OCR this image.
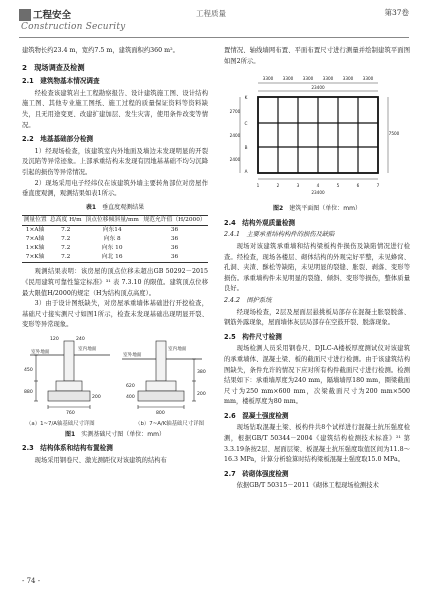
工程安全
Construction Security
工程质量	第37卷

建筑物长约23.4 m，宽约7.5 m，建筑面积约360 m²。

2　现场调查及检测
2.1　建筑物基本情况调查

经检查该建筑岩土工程勘察报告、设计建筑施工图、设计结构施工图、其他专业施工图纸、施工过程的质量保证资料等资料缺失，且无用途变更、改建扩建加层、发生灾害，使用条件改变等情况。

2.2　地基基础部分检测

1）经现场检查，该建筑室内外地面及墙边未发现明显的开裂及沉陷等异常迹象。上部承重结构未发现有因地基基础不均匀沉降引起的损伤等异常情况。

2）现场采用电子经纬仪在该建筑外墙主要转角部位对房屋作垂直度观测，观测结果如表1所示。

表1　 垂直度观测结果
测量位置	总高度 H/m	顶点位移倾斜量/mm	规范允许值（H/2000）
1×A轴	7.2	向东14	36
7×A轴	7.2	向东 8	36
1×K轴	7.2	向东 10	36
7×K轴	7.2	向北 16	36

观测结果表明：该房屋的顶点位移未超出GB 50292－2015《民用建筑可靠性鉴定标准》³¹ 表 7.3.10 的限值。建筑顶点位移最大限值H/2000的规定（H为结构顶点高度）。

3）由于设计图纸缺失，对房屋承重墙体基础进行开挖检查，基础尺寸接实测尺寸如图1所示，检查未发现基础出现明显开裂、变形等异常现象。

室内地面
室外地面
760
450
880
200
240
120
室内地面
室外地面
800
380
200
620
400
（a）1~7/A轴基础尺寸详图	（b）7~A/K轴基础尺寸详图
图1　 实测基础尺寸图（单位：mm）
2.3　结构体系和结构布置检测

现场采用钢卷尺、激光测距仪对该建筑的结构布

置情况、轴线墙网布置、平面布置尺寸进行测量并绘制建筑平面图如图2所示。

3300 3300 3300 3300 3300 3300
23400
23400
1	2	3	4	5	6	7
A
B
C
K
2400
2400
2700
7500
图2　 建筑平面图（单位：mm）
2.4　结构外观质量检测
2.4.1　主要承重结构构件的损伤及缺陷

现场对该建筑承重墙和结构梁板构件损伤及缺陷情况进行检查。经检查，现场各楼层、砌体结构的外观完好平整，未见蜂窝、孔洞、夹渣、酥松等缺陷，未见明显的裂缝、胀裂、剥落、变形等损伤。承重墙构件未见明显的裂缝、倾斜、变形等损伤，整体质量良好。

2.4.2　围护系统

经现场检查，2层及屋面层悬挑板局部存在混凝土胀裂脱落、钢筋外露现象，屋面墙体灰层局部存在空鼓开裂、脱落现象。

2.5　构件尺寸检测

现场检测人员采用钢卷尺、DJLC-A楼板厚度测试仪对该建筑的承重墙体、混凝土梁、板的截面尺寸进行检测。由于该建筑结构图缺失，条件允许的情况下应对所有构件截面尺寸进行检测。检测结果如下：承重墙厚度为240 mm，隔墙墙厚180 mm，圈梁截面尺寸为250 mm×600 mm，次梁截面尺寸为200 mm×500 mm，楼板厚度为80 mm。

2.6　混凝土强度检测

现场钻取混凝土梁、板构件共8个试样进行混凝土抗压强度检测，根据GB/T 50344－2004《建筑结构检测技术标准》²¹ 第3.3.19条按2层、屋面层梁、板混凝土抗压强度取值区间为11.8～16.3 MPa，计算分析验算时结构梁板混凝土强度取15.0 MPa。

2.7　砖砌体强度检测

依据GB/T 50315－2011《砌体工程现场检测技术

- 74 -
